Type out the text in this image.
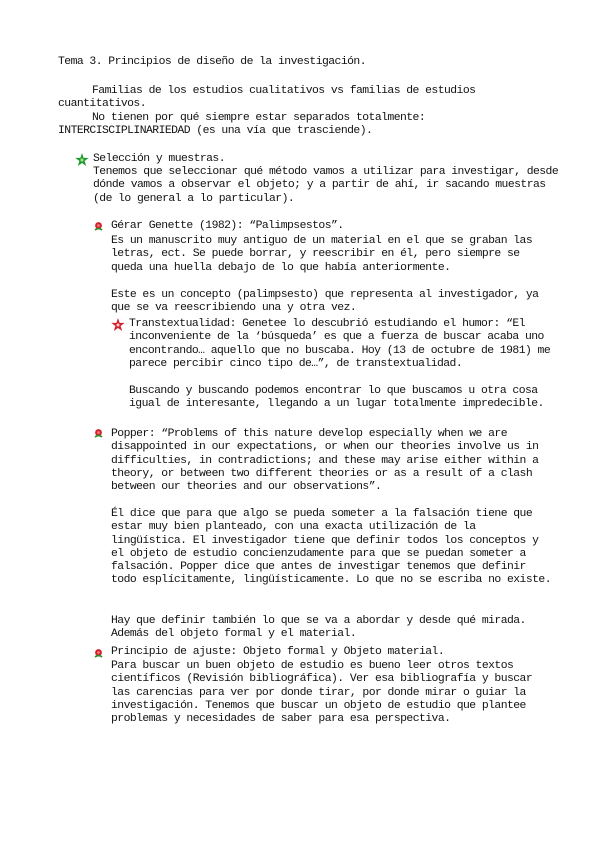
Tema 3. Principios de diseño de la investigación.
Familias de los estudios cualitativos vs familias de estudios cuantitativos.
No tienen por qué siempre estar separados totalmente:
INTERCISCIPLINARIEDAD (es una vía que trasciende).
Selección y muestras.
Tenemos que seleccionar qué método vamos a utilizar para investigar, desde dónde vamos a observar el objeto; y a partir de ahí, ir sacando muestras (de lo general a lo particular).
Gérar Genette (1982): “Palimpsestos”.
Es un manuscrito muy antiguo de un material en el que se graban las letras, ect. Se puede borrar, y reescribir en él, pero siempre se queda una huella debajo de lo que había anteriormente.
Este es un concepto (palimpsesto) que representa al investigador, ya que se va reescribiendo una y otra vez.
Transtextualidad: Genetee lo descubrió estudiando el humor: “El inconveniente de la ‘búsqueda’ es que a fuerza de buscar acaba uno encontrando… aquello que no buscaba. Hoy (13 de octubre de 1981) me parece percibir cinco tipo de…”, de transtextualidad.
Buscando y buscando podemos encontrar lo que buscamos u otra cosa igual de interesante, llegando a un lugar totalmente impredecible.
Popper: “Problems of this nature develop especially when we are disappointed in our expectations, or when our theories involve us in difficulties, in contradictions; and these may arise either within a theory, or between two different theories or as a result of a clash between our theories and our observations”.
Él dice que para que algo se pueda someter a la falsación tiene que estar muy bien planteado, con una exacta utilización de la lingüística. El investigador tiene que definir todos los conceptos y el objeto de estudio concienzudamente para que se puedan someter a falsación. Popper dice que antes de investigar tenemos que definir todo esplícitamente, lingüísticamente. Lo que no se escriba no existe.
Hay que definir también lo que se va a abordar y desde qué mirada. Además del objeto formal y el material.
Principio de ajuste: Objeto formal y Objeto material.
Para buscar un buen objeto de estudio es bueno leer otros textos científicos (Revisión bibliográfica). Ver esa bibliografía y buscar las carencias para ver por donde tirar, por donde mirar o guiar la investigación. Tenemos que buscar un objeto de estudio que plantee problemas y necesidades de saber para esa perspectiva.
